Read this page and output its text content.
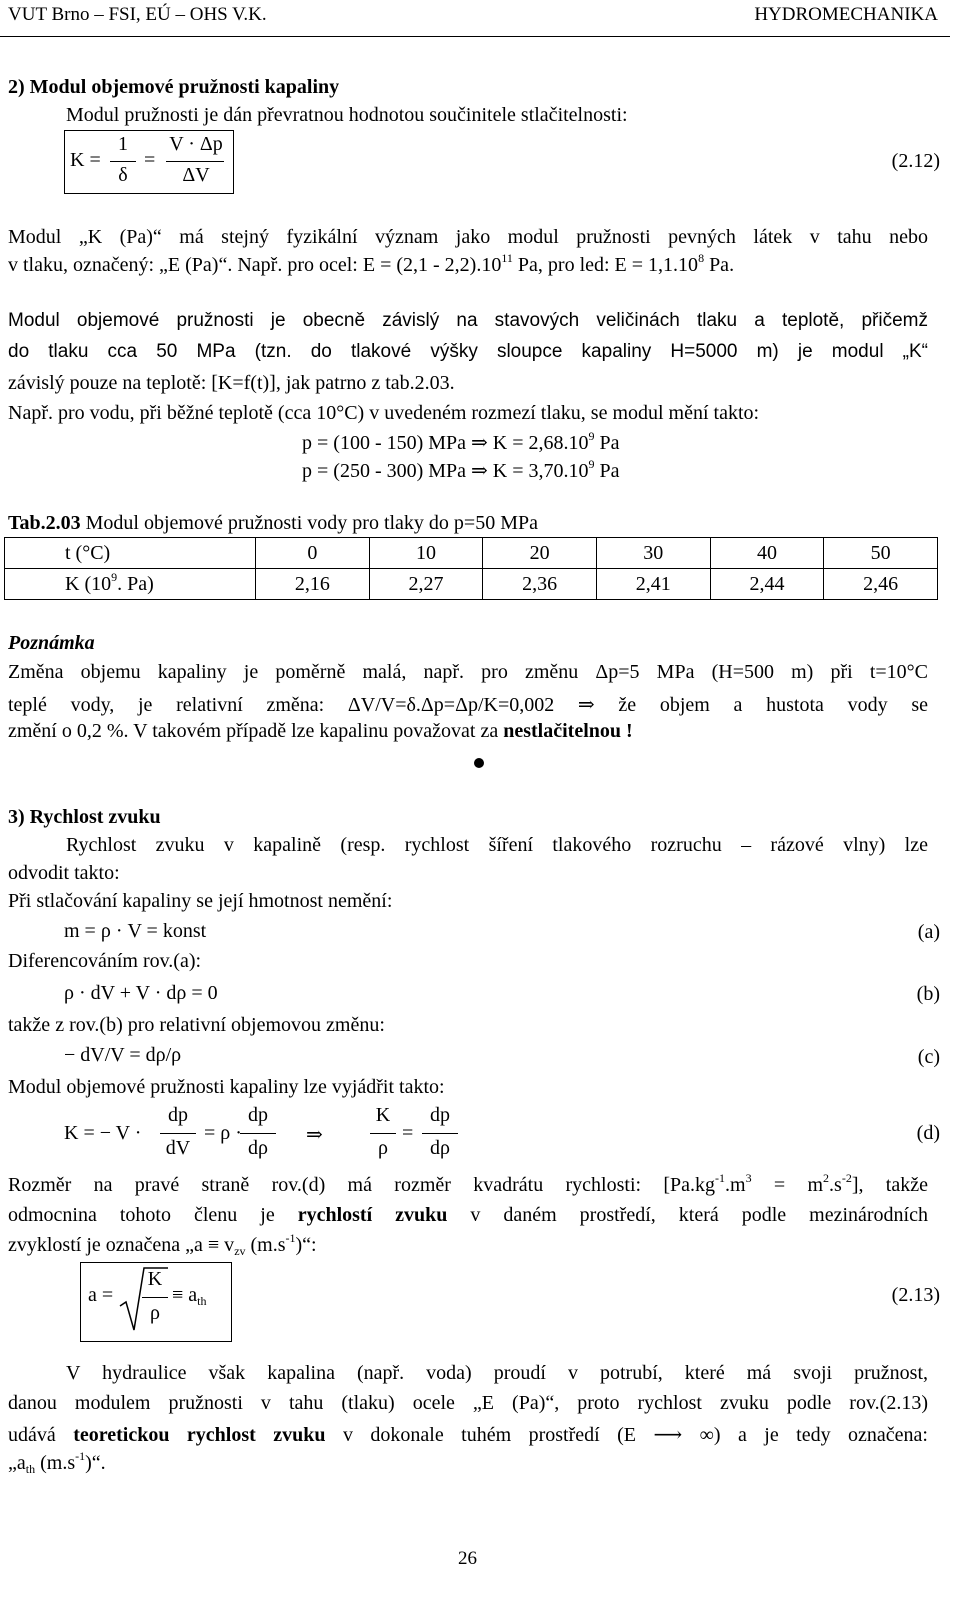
VUT Brno – FSI, EÚ – OHS V.K.	HYDROMECHANIKA
2) Modul objemové pružnosti kapaliny
Modul pružnosti je dán převratnou hodnotou součinitele stlačitelnosti:
K =
1
δ
=
V · Δp
ΔV
(2.12)
Modul „K (Pa)“ má stejný fyzikální význam jako modul pružnosti pevných látek v tahu nebo
v tlaku, označený: „E (Pa)“. Např. pro ocel: $E = (2,1 - 2,2).10^{11}$ Pa, pro led: $E = 1,1.10^8$ Pa.
Modul objemové pružnosti je obecně závislý na stavových veličinách tlaku a teplotě, přičemž
do tlaku cca 50 MPa (tzn. do tlakové výšky sloupce kapaliny H=5000 m) je modul „K“
závislý pouze na teplotě: [K=f(t)], jak patrno z tab.2.03.
Např. pro vodu, při běžné teplotě (cca 10°C) v uvedeném rozmezí tlaku, se modul mění takto:
p = (100 - 150) MPa ⇒ $K = 2,68.10^9$ Pa
p = (250 - 300) MPa ⇒ $K = 3,70.10^9$ Pa
Tab.2.03 Modul objemové pružnosti vody pro tlaky do p=50 MPa
t (°C)	0	10	20	30	40	50
K ($10^9$. Pa)	2,16	2,27	2,36	2,41	2,44	2,46
Poznámka
Změna objemu kapaliny je poměrně malá, např. pro změnu Δp=5 MPa (H=500 m) při t=10°C
teplé vody, je relativní změna: ΔV/V=δ.Δp=Δp/K=0,002 ⇒ že objem a hustota vody se
změní o 0,2 %. V takovém případě lze kapalinu považovat za nestlačitelnou !
3) Rychlost zvuku
Rychlost zvuku v kapalině (resp. rychlost šíření tlakového rozruchu – rázové vlny) lze
odvodit takto:
Při stlačování kapaliny se její hmotnost nemění:
m = ρ · V = konst	(a)
Diferencováním rov.(a):
ρ · dV + V · dρ = 0	(b)
takže z rov.(b) pro relativní objemovou změnu:
− dV/V = dρ/ρ	(c)
Modul objemové pružnosti kapaliny lze vyjádřit takto:
K = − V ·
dp
dV
= ρ ·
dp
dρ
⇒
K
ρ
=
dp
dρ
(d)
Rozměr na pravé straně rov.(d) má rozměr kvadrátu rychlosti: $[Pa.kg^{-1}.m^3 = m^2.s^{-2}]$, takže
odmocnina tohoto členu je rychlostí zvuku v daném prostředí, která podle mezinárodních
zvyklostí je označena „a ≡ $v_{zv}$ $(m.s^{-1})“$:
a =
K
ρ
≡ $a_{th}$	(2.13)
V hydraulice však kapalina (např. voda) proudí v potrubí, které má svoji pružnost,
danou modulem pružnosti v tahu (tlaku) ocele „E (Pa)“, proto rychlost zvuku podle rov.(2.13)
udává teoretickou rychlost zvuku v dokonale tuhém prostředí (E ⟶ ∞) a je tedy označena:
$„a_{th}$ $(m.s^{-1})“$.
26
